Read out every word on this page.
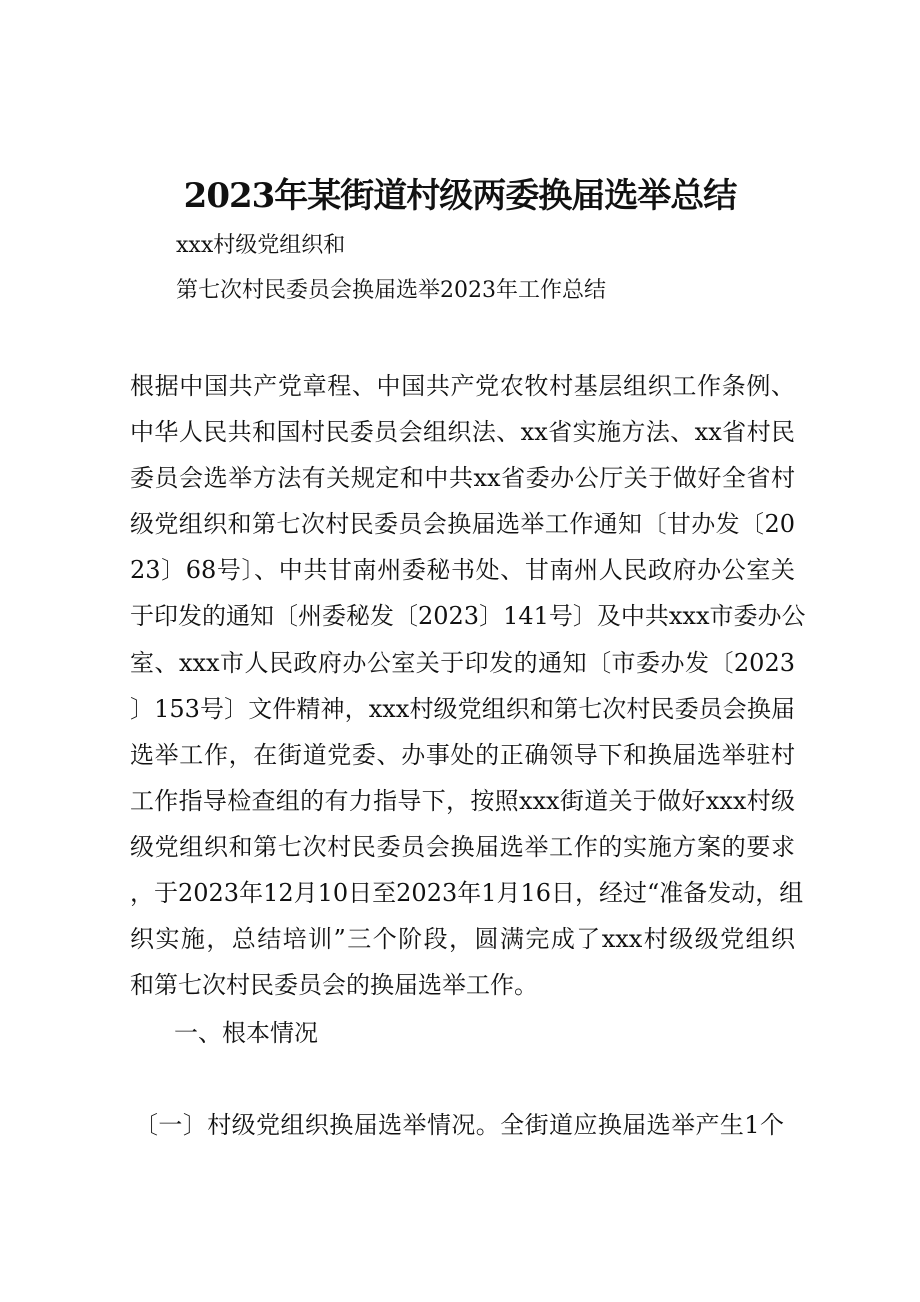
2023年某街道村级两委换届选举总结
xxx村级党组织和
第七次村民委员会换届选举2023年工作总结
根据中国共产党章程、中国共产党农牧村基层组织工作条例、
中华人民共和国村民委员会组织法、xx省实施方法、xx省村民
委员会选举方法有关规定和中共xx省委办公厅关于做好全省村
级党组织和第七次村民委员会换届选举工作通知〔甘办发〔20
23〕68号〕、中共甘南州委秘书处、甘南州人民政府办公室关
于印发的通知〔州委秘发〔2023〕141号〕及中共xxx市委办公
室、xxx市人民政府办公室关于印发的通知〔市委办发〔2023
〕153号〕文件精神，xxx村级党组织和第七次村民委员会换届
选举工作，在街道党委、办事处的正确领导下和换届选举驻村
工作指导检查组的有力指导下，按照xxx街道关于做好xxx村级
级党组织和第七次村民委员会换届选举工作的实施方案的要求
，于2023年12月10日至2023年1月16日，经过“准备发动，组
织实施，总结培训”三个阶段，圆满完成了xxx村级级党组织
和第七次村民委员会的换届选举工作。
一、根本情况
〔一〕村级党组织换届选举情况。全街道应换届选举产生1个
